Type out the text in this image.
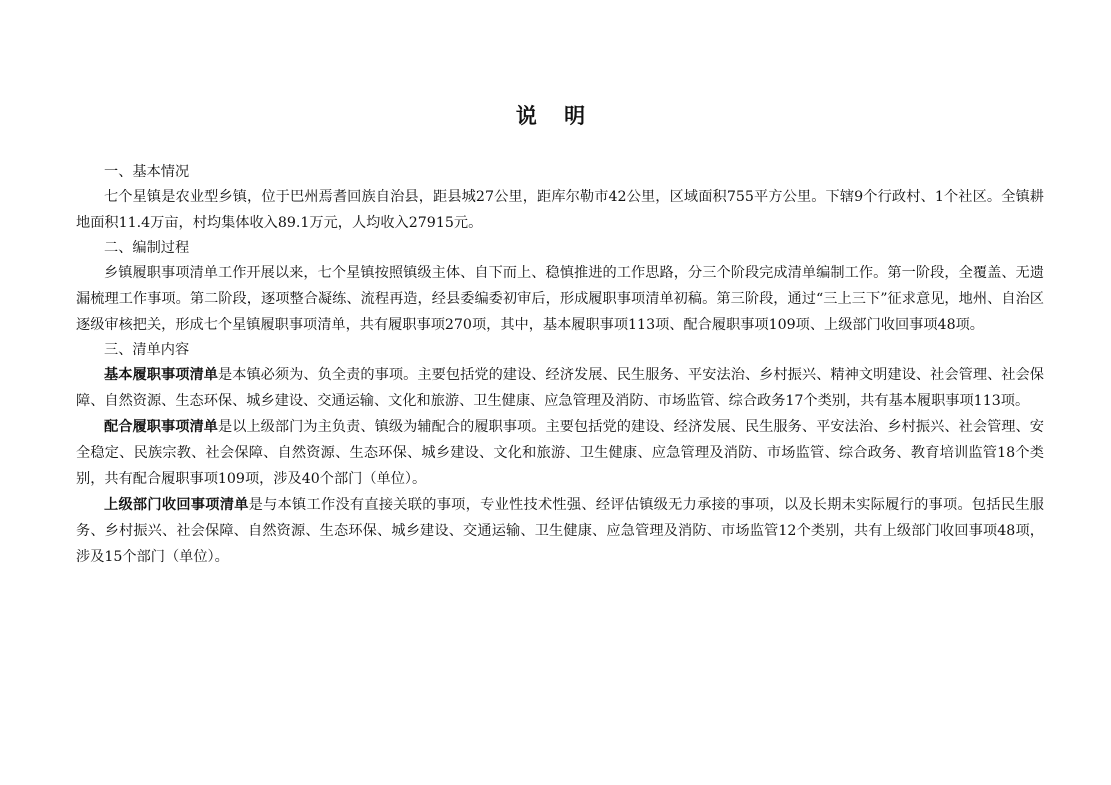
说 明

一、基本情况

七个星镇是农业型乡镇，位于巴州焉耆回族自治县，距县城27公里，距库尔勒市42公里，区域面积755平方公里。下辖9个行政村、1个社区。全镇耕地面积11.4万亩，村均集体收入89.1万元，人均收入27915元。

二、编制过程

乡镇履职事项清单工作开展以来，七个星镇按照镇级主体、自下而上、稳慎推进的工作思路，分三个阶段完成清单编制工作。第一阶段，全覆盖、无遗漏梳理工作事项。第二阶段，逐项整合凝练、流程再造，经县委编委初审后，形成履职事项清单初稿。第三阶段，通过“三上三下”征求意见，地州、自治区逐级审核把关，形成七个星镇履职事项清单，共有履职事项270项，其中，基本履职事项113项、配合履职事项109项、上级部门收回事项48项。

三、清单内容

基本履职事项清单是本镇必须为、负全责的事项。主要包括党的建设、经济发展、民生服务、平安法治、乡村振兴、精神文明建设、社会管理、社会保障、自然资源、生态环保、城乡建设、交通运输、文化和旅游、卫生健康、应急管理及消防、市场监管、综合政务17个类别，共有基本履职事项113项。

配合履职事项清单是以上级部门为主负责、镇级为辅配合的履职事项。主要包括党的建设、经济发展、民生服务、平安法治、乡村振兴、社会管理、安全稳定、民族宗教、社会保障、自然资源、生态环保、城乡建设、文化和旅游、卫生健康、应急管理及消防、市场监管、综合政务、教育培训监管18个类别，共有配合履职事项109项，涉及40个部门（单位）。

上级部门收回事项清单是与本镇工作没有直接关联的事项，专业性技术性强、经评估镇级无力承接的事项，以及长期未实际履行的事项。包括民生服务、乡村振兴、社会保障、自然资源、生态环保、城乡建设、交通运输、卫生健康、应急管理及消防、市场监管12个类别，共有上级部门收回事项48项，涉及15个部门（单位）。
